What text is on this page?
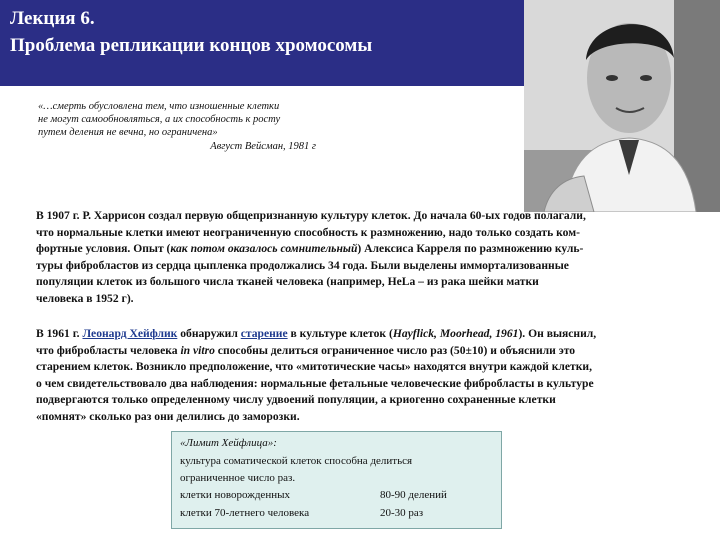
Лекция 6.
Проблема репликации концов хромосомы
«…смерть обусловлена тем, что изношенные клетки
не могут самообновляться, а их способность к росту
путем деления не вечна, но ограничена»
Август Вейсман, 1981 г
В 1907 г. Р. Харрисон создал первую общепризнанную культуру клеток. До начала 60-ых годов полагали,
что нормальные клетки имеют неограниченную способность к размножению, надо только создать ком-
фортные условия. Опыт (как потом оказалось сомнительный) Алексиса Карреля по размножению куль-
туры фибробластов из сердца цыпленка продолжались 34 года. Были выделены иммортализованные
популяции клеток из большого числа тканей человека (например, HeLa – из рака шейки матки
человека в 1952 г).
В 1961 г. Леонард Хейфлик обнаружил старение в культуре клеток (Hayflick, Moorhead, 1961). Он выяснил,
что фибробласты человека in vitro способны делиться ограниченное число раз (50±10) и объяснили это
старением клеток. Возникло предположение, что «митотические часы» находятся внутри каждой клетки,
о чем свидетельствовало два наблюдения: нормальные фетальные человеческие фибробласты в культуре
подвергаются только определенному числу удвоений популяции, а криогенно сохраненные клетки
«помнят» сколько раз они делились до заморозки.
«Лимит Хейфлица»:
культура соматической клеток способна делиться
ограниченное число раз.
клетки новорожденных	80-90 делений
клетки 70-летнего человека	20-30 раз
